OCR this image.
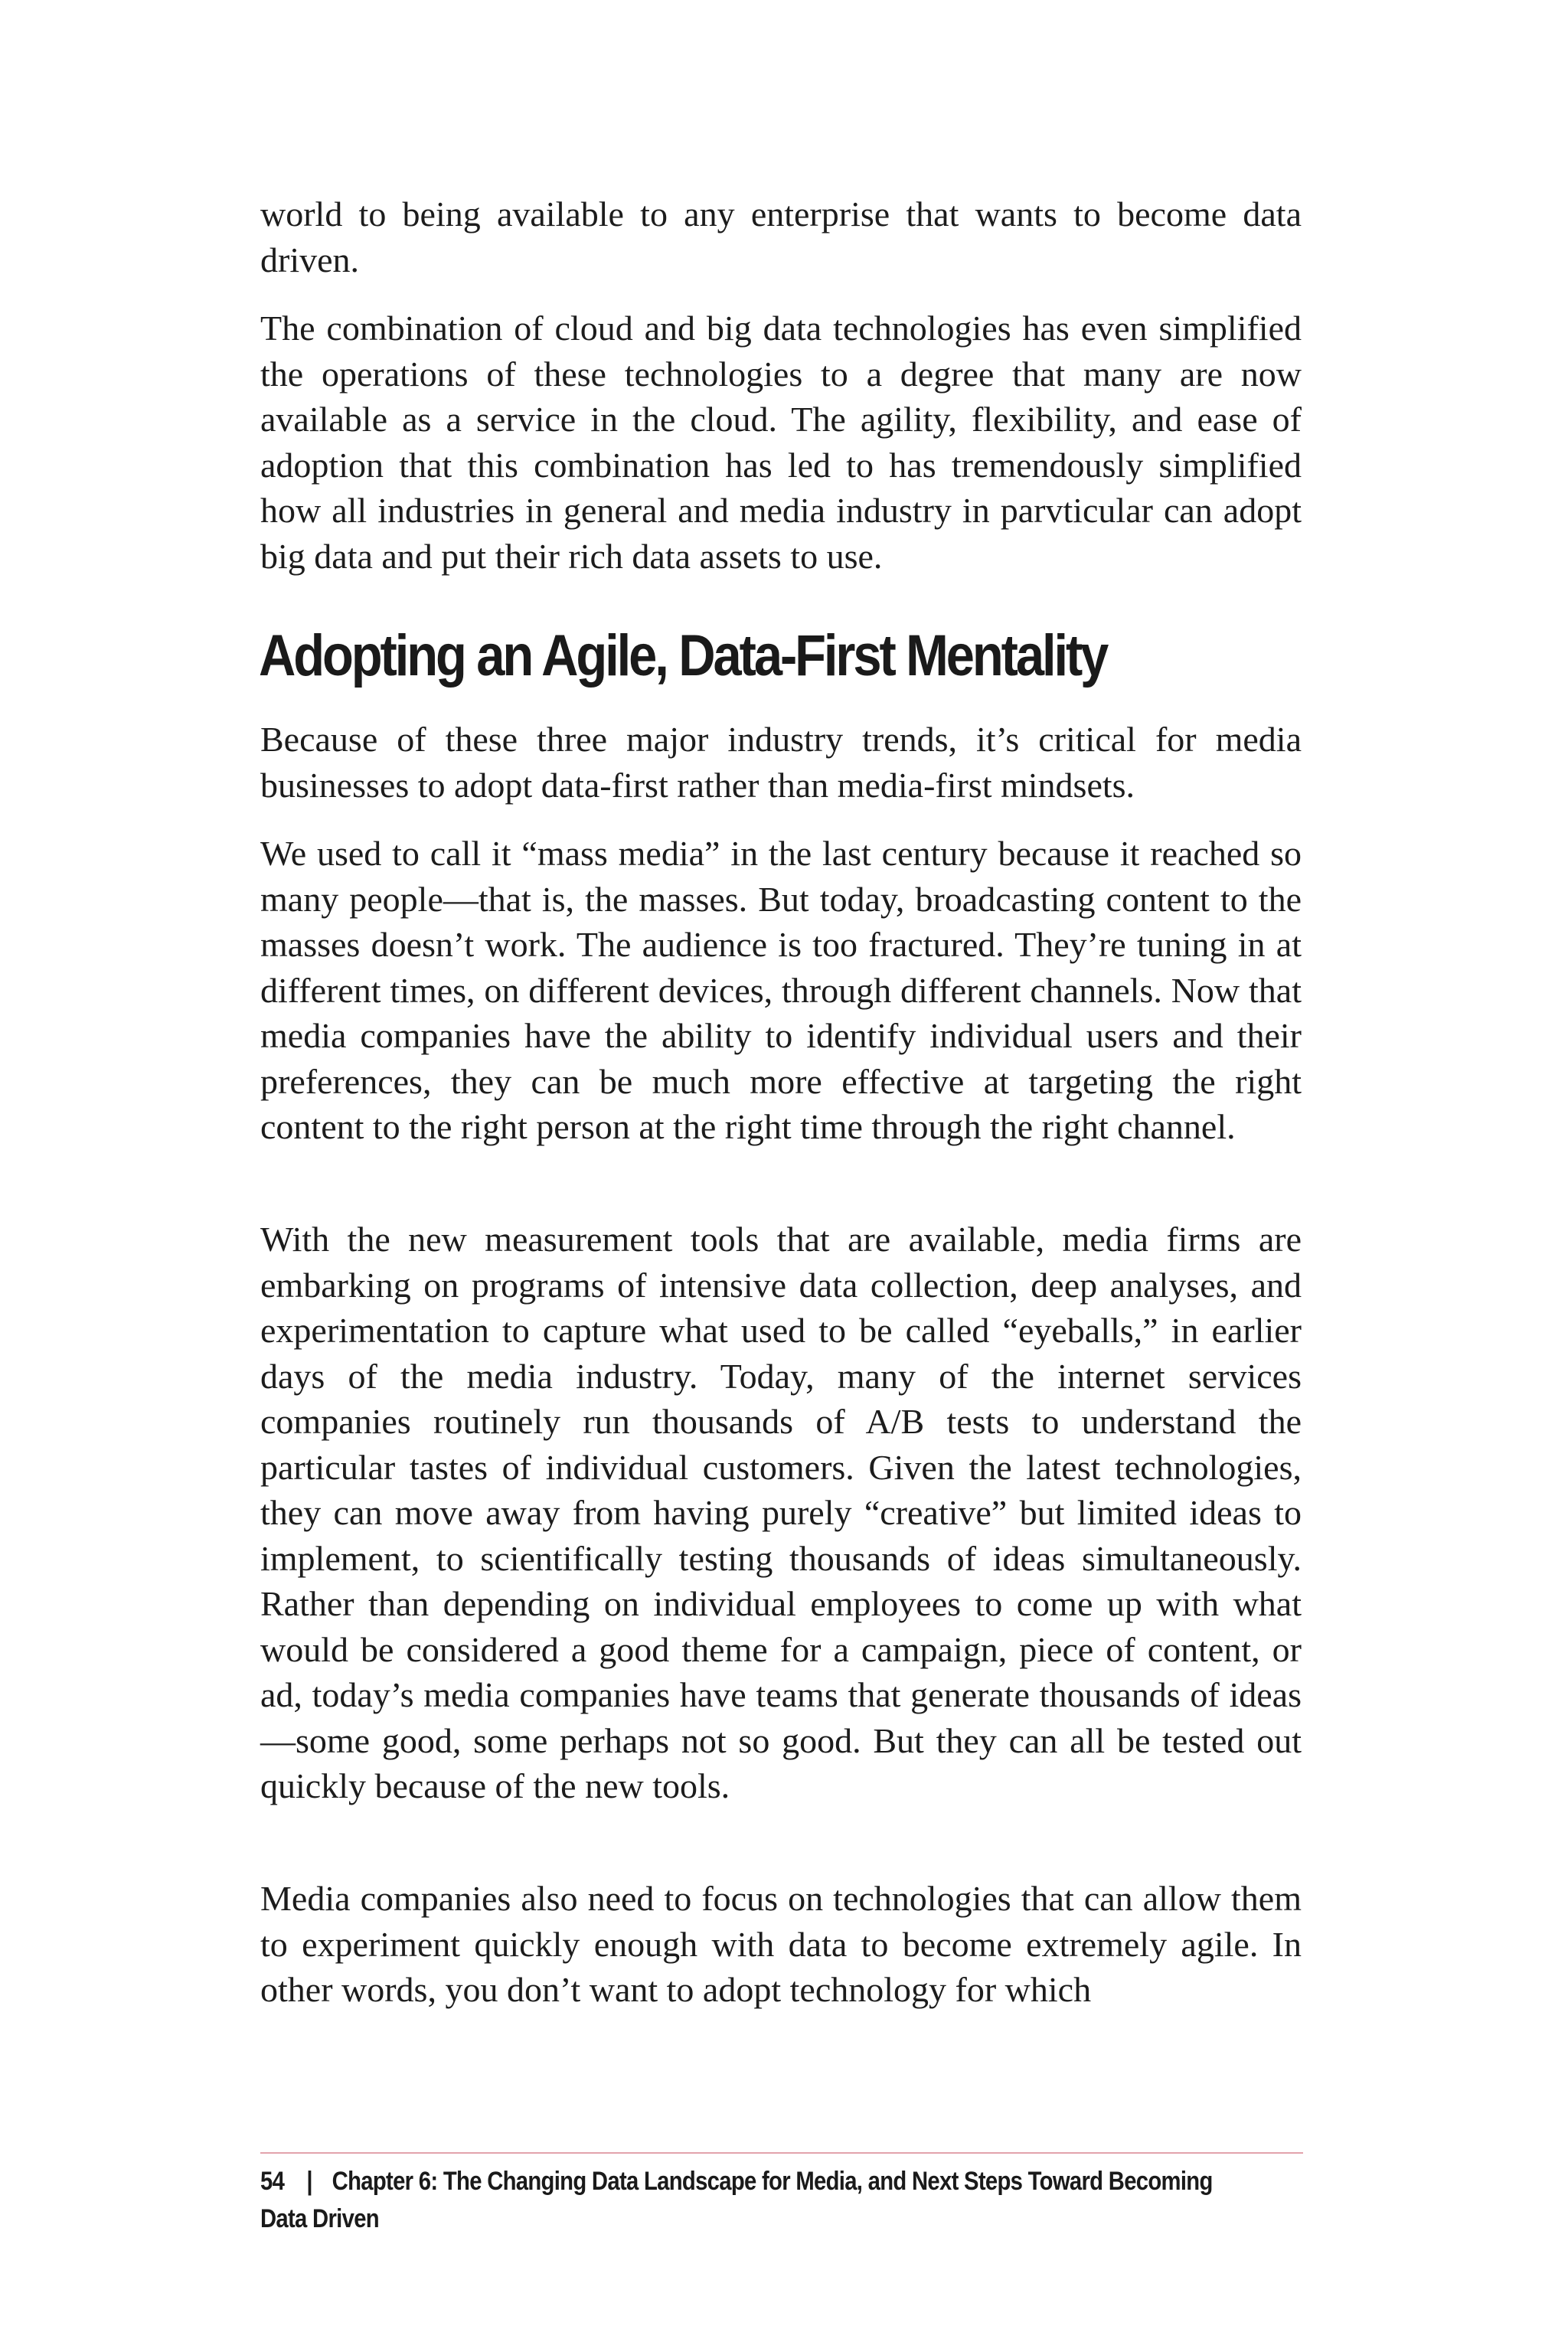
world to being available to any enterprise that wants to become data driven.

The combination of cloud and big data technologies has even simplified the operations of these technologies to a degree that many are now available as a service in the cloud. The agility, flexibility, and ease of adoption that this combination has led to has tremendously simplified how all industries in general and media industry in parvticular can adopt big data and put their rich data assets to use.

Adopting an Agile, Data-First Mentality

Because of these three major industry trends, it’s critical for media businesses to adopt data-first rather than media-first mindsets.

We used to call it “mass media” in the last century because it reached so many people—that is, the masses. But today, broadcasting content to the masses doesn’t work. The audience is too fractured. They’re tuning in at different times, on different devices, through different channels. Now that media companies have the ability to identify individual users and their preferences, they can be much more effective at targeting the right content to the right person at the right time through the right channel.

With the new measurement tools that are available, media firms are embarking on programs of intensive data collection, deep analyses, and experimentation to capture what used to be called “eyeballs,” in earlier days of the media industry. Today, many of the internet services companies routinely run thousands of A/B tests to understand the particular tastes of individual customers. Given the latest technologies, they can move away from having purely “creative” but limited ideas to implement, to scientifically testing thousands of ideas simultaneously. Rather than depending on individual employees to come up with what would be considered a good theme for a campaign, piece of content, or ad, today’s media companies have teams that generate thousands of ideas—some good, some perhaps not so good. But they can all be tested out quickly because of the new tools.

Media companies also need to focus on technologies that can allow them to experiment quickly enough with data to become extremely agile. In other words, you don’t want to adopt technology for which

54 | Chapter 6: The Changing Data Landscape for Media, and Next Steps Toward Becoming Data Driven
